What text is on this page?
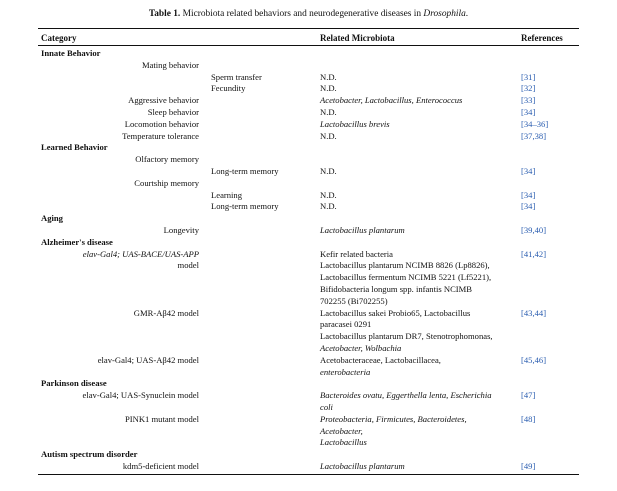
Table 1. Microbiota related behaviors and neurodegenerative diseases in Drosophila.
Category	Related Microbiota	References
Innate Behavior
Mating behavior
Sperm transfer	N.D.	[31]
Fecundity	N.D.	[32]
Aggressive behavior	Acetobacter, Lactobacillus, Enterococcus	[33]
Sleep behavior	N.D.	[34]
Locomotion behavior	Lactobacillus brevis	[34–36]
Temperature tolerance	N.D.	[37,38]
Learned Behavior
Olfactory memory
Long-term memory	N.D.	[34]
Courtship memory
Learning	N.D.	[34]
Long-term memory	N.D.	[34]
Aging
Longevity	Lactobacillus plantarum	[39,40]
Alzheimer's disease
elav-Gal4; UAS-BACE/UAS-APP	Kefir related bacteria	[41,42]
model	Lactobacillus plantarum NCIMB 8826 (Lp8826),
Lactobacillus fermentum NCIMB 5221 (Lf5221),
Bifidobacteria longum spp. infantis NCIMB
702255 (Bi702255)
GMR-Aβ42 model	Lactobacillus sakei Probio65, Lactobacillus	[43,44]
paracasei 0291
Lactobacillus plantarum DR7, Stenotrophomonas,
Acetobacter, Wolbachia
elav-Gal4; UAS-Aβ42 model	Acetobacteraceae, Lactobacillacea,	[45,46]
enterobacteria
Parkinson disease
elav-Gal4; UAS-Synuclein model	Bacteroides ovatu, Eggerthella lenta, Escherichia	[47]
coli
PINK1 mutant model	Proteobacteria, Firmicutes, Bacteroidetes,	[48]
Acetobacter,
Lactobacillus
Autism spectrum disorder
kdm5-deficient model	Lactobacillus plantarum	[49]
